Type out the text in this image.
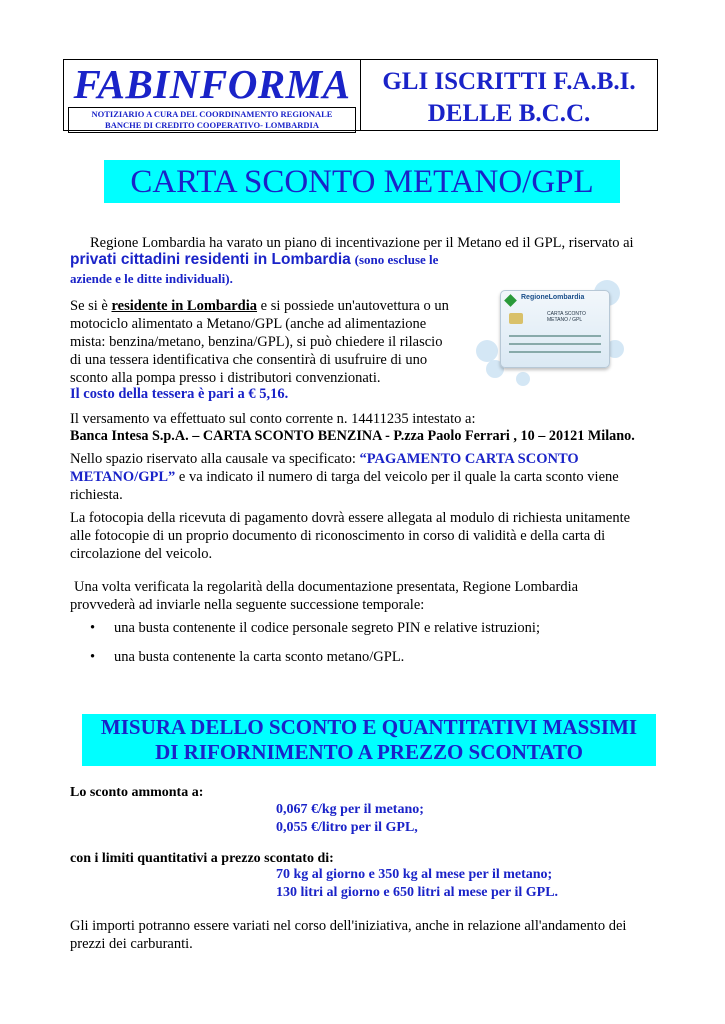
FABINFORMA
NOTIZIARIO A CURA DEL COORDINAMENTO REGIONALE
BANCHE DI CREDITO COOPERATIVO- LOMBARDIA
GLI ISCRITTI F.A.B.I.
DELLE B.C.C.
CARTA SCONTO METANO/GPL
Regione Lombardia ha varato un piano di incentivazione per il Metano ed il GPL, riservato ai
privati cittadini residenti in Lombardia (sono escluse le
aziende e le ditte individuali).
Se si è residente in Lombardia e si possiede un'autovettura o un
motociclo alimentato a Metano/GPL (anche ad alimentazione
mista: benzina/metano, benzina/GPL), si può chiedere il rilascio
di una tessera identificativa che consentirà di usufruire di uno
sconto alla pompa presso i distributori convenzionati.
RegioneLombardia
CARTA SCONTO
METANO / GPL
Il costo della tessera è pari a € 5,16.
Il versamento va effettuato sul conto corrente n. 14411235 intestato a:
Banca Intesa S.p.A. – CARTA SCONTO BENZINA - P.zza Paolo Ferrari , 10 – 20121 Milano.
Nello spazio riservato alla causale va specificato: “PAGAMENTO CARTA SCONTO
METANO/GPL” e va indicato il numero di targa del veicolo per il quale la carta sconto viene
richiesta.
La fotocopia della ricevuta di pagamento dovrà essere allegata al modulo di richiesta unitamente
alle fotocopie di un proprio documento di riconoscimento in corso di validità e della carta di
circolazione del veicolo.
Una volta verificata la regolarità della documentazione presentata, Regione Lombardia
provvederà ad inviarle nella seguente successione temporale:
• una busta contenente il codice personale segreto PIN e relative istruzioni;
• una busta contenente la carta sconto metano/GPL.
MISURA DELLO SCONTO E QUANTITATIVI MASSIMI
DI RIFORNIMENTO A PREZZO SCONTATO
Lo sconto ammonta a:
0,067 €/kg per il metano;
0,055 €/litro per il GPL,
con i limiti quantitativi a prezzo scontato di:
70 kg al giorno e 350 kg al mese per il metano;
130 litri al giorno e 650 litri al mese per il GPL.
Gli importi potranno essere variati nel corso dell'iniziativa, anche in relazione all'andamento dei
prezzi dei carburanti.
